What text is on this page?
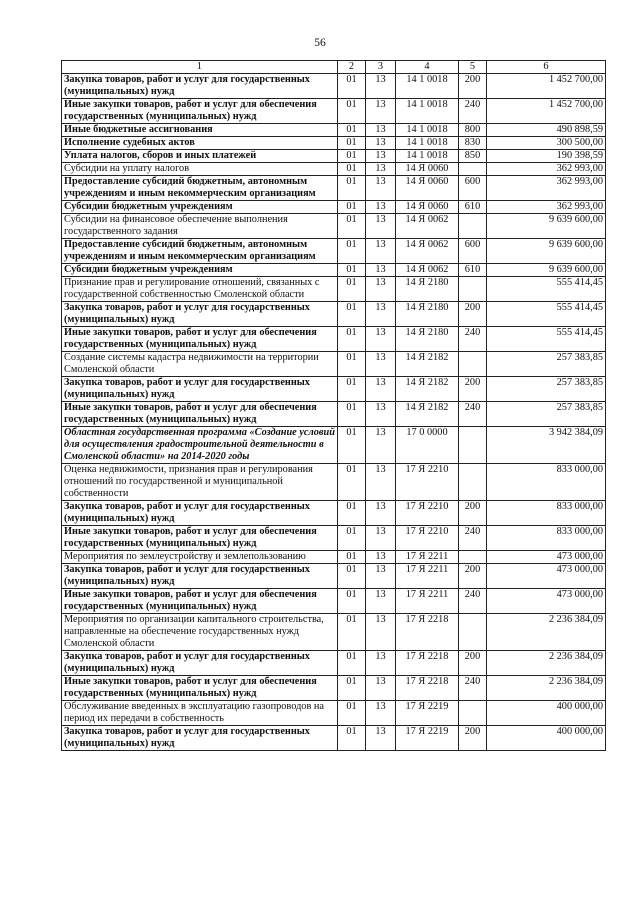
56
1	2	3	4	5	6
Закупка товаров, работ и услуг для государственных (муниципальных) нужд	01	13	14 1 0018	200	1 452 700,00
Иные закупки товаров, работ и услуг для обеспечения государственных (муниципальных) нужд	01	13	14 1 0018	240	1 452 700,00
Иные бюджетные ассигнования	01	13	14 1 0018	800	490 898,59
Исполнение судебных актов	01	13	14 1 0018	830	300 500,00
Уплата налогов, сборов и иных платежей	01	13	14 1 0018	850	190 398,59
Субсидии на уплату налогов	01	13	14 Я 0060		362 993,00
Предоставление субсидий бюджетным, автономным учреждениям и иным некоммерческим организациям	01	13	14 Я 0060	600	362 993,00
Субсидии бюджетным учреждениям	01	13	14 Я 0060	610	362 993,00
Субсидии на финансовое обеспечение выполнения государственного задания	01	13	14 Я 0062		9 639 600,00
Предоставление субсидий бюджетным, автономным учреждениям и иным некоммерческим организациям	01	13	14 Я 0062	600	9 639 600,00
Субсидии бюджетным учреждениям	01	13	14 Я 0062	610	9 639 600,00
Признание прав и регулирование отношений, связанных с государственной собственностью Смоленской области	01	13	14 Я 2180		555 414,45
Закупка товаров, работ и услуг для государственных (муниципальных) нужд	01	13	14 Я 2180	200	555 414,45
Иные закупки товаров, работ и услуг для обеспечения государственных (муниципальных) нужд	01	13	14 Я 2180	240	555 414,45
Создание системы кадастра недвижимости на территории Смоленской области	01	13	14 Я 2182		257 383,85
Закупка товаров, работ и услуг для государственных (муниципальных) нужд	01	13	14 Я 2182	200	257 383,85
Иные закупки товаров, работ и услуг для обеспечения государственных (муниципальных) нужд	01	13	14 Я 2182	240	257 383,85
Областная государственная программа «Создание условий для осуществления градостроительной деятельности в Смоленской области» на 2014-2020 годы	01	13	17 0 0000		3 942 384,09
Оценка недвижимости, признания прав и регулирования отношений по государственной и муниципальной собственности	01	13	17 Я 2210		833 000,00
Закупка товаров, работ и услуг для государственных (муниципальных) нужд	01	13	17 Я 2210	200	833 000,00
Иные закупки товаров, работ и услуг для обеспечения государственных (муниципальных) нужд	01	13	17 Я 2210	240	833 000,00
Мероприятия по землеустройству и землепользованию	01	13	17 Я 2211		473 000,00
Закупка товаров, работ и услуг для государственных (муниципальных) нужд	01	13	17 Я 2211	200	473 000,00
Иные закупки товаров, работ и услуг для обеспечения государственных (муниципальных) нужд	01	13	17 Я 2211	240	473 000,00
Мероприятия по организации капитального строительства, направленные на обеспечение государственных нужд Смоленской области	01	13	17 Я 2218		2 236 384,09
Закупка товаров, работ и услуг для государственных (муниципальных) нужд	01	13	17 Я 2218	200	2 236 384,09
Иные закупки товаров, работ и услуг для обеспечения государственных (муниципальных) нужд	01	13	17 Я 2218	240	2 236 384,09
Обслуживание введенных в эксплуатацию газопроводов на период их передачи в собственность	01	13	17 Я 2219		400 000,00
Закупка товаров, работ и услуг для государственных (муниципальных) нужд	01	13	17 Я 2219	200	400 000,00
